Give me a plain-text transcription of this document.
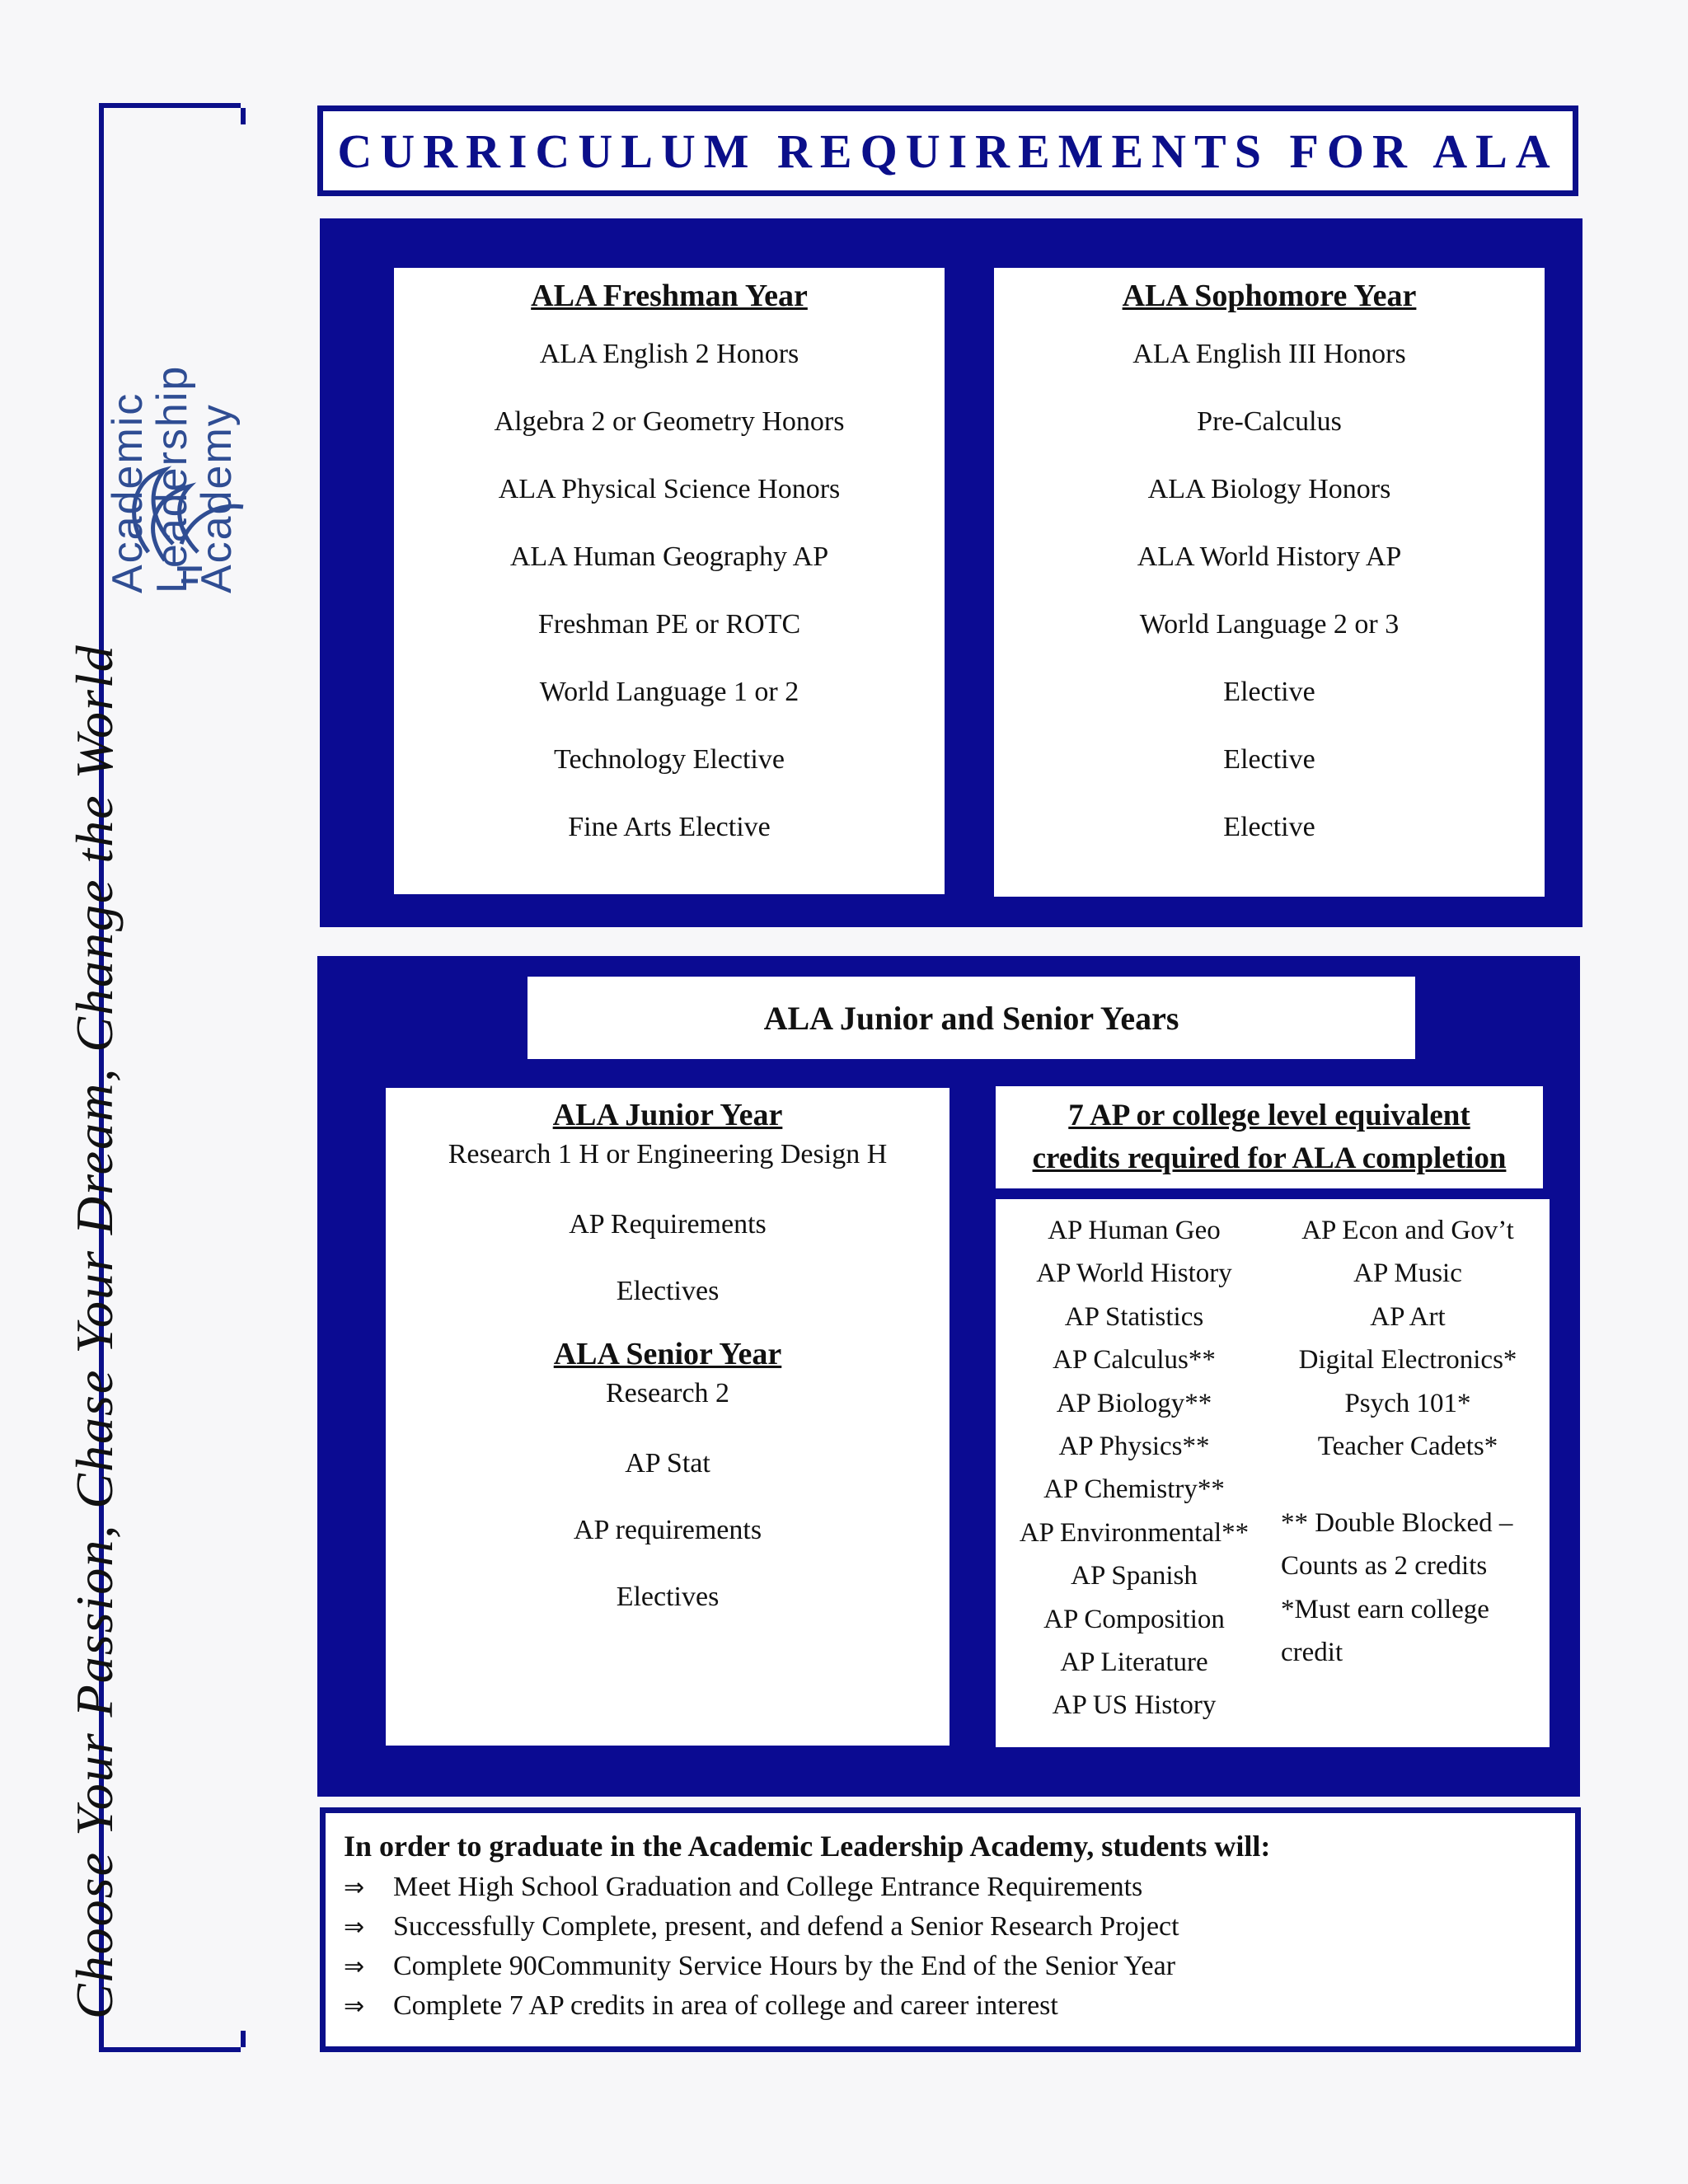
Choose Your Passion, Chase Your Dream, Change the World
Academic
Leadership
Academy
CURRICULUM REQUIREMENTS FOR ALA
ALA Freshman Year
ALA English 2 Honors
Algebra 2 or Geometry Honors
ALA Physical Science Honors
ALA Human Geography AP
Freshman PE or ROTC
World Language 1 or 2
Technology Elective
Fine Arts Elective
ALA Sophomore Year
ALA English III Honors
Pre-Calculus
ALA Biology Honors
ALA World History AP
World Language 2 or 3
Elective
Elective
Elective
ALA Junior and Senior Years
ALA Junior Year
Research 1 H or Engineering Design H
AP Requirements
Electives
ALA Senior Year
Research 2
AP Stat
AP requirements
Electives
7 AP or college level equivalent
credits required for ALA completion
AP Human Geo
AP World History
AP Statistics
AP Calculus**
AP Biology**
AP Physics**
AP Chemistry**
AP Environmental**
AP Spanish
AP Composition
AP Literature
AP US History
AP Econ and Gov’t
AP Music
AP Art
Digital Electronics*
Psych 101*
Teacher Cadets*
** Double Blocked –
Counts as 2 credits
*Must earn college
credit
In order to graduate in the Academic Leadership Academy, students will:
⇒ Meet High School Graduation and College Entrance Requirements
⇒ Successfully Complete, present, and defend a Senior Research Project
⇒ Complete 90Community Service Hours by the End of the Senior Year
⇒ Complete 7 AP credits in area of college and career interest
